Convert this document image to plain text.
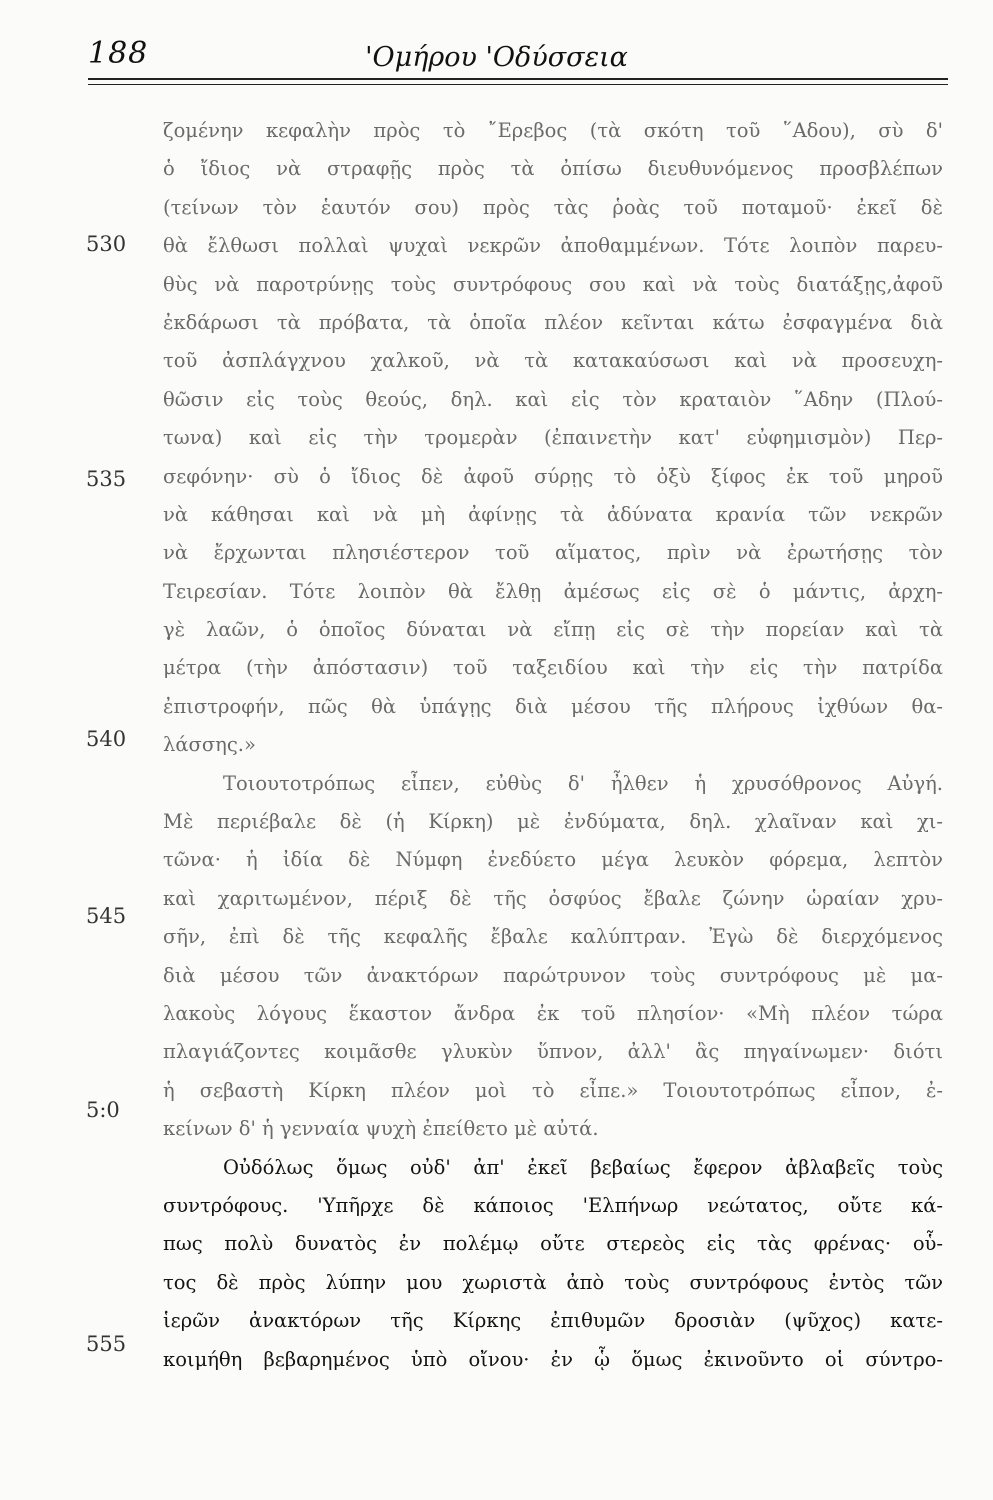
188	'Ομήρου 'Οδύσσεια
530
535
540
545
5:0
555
ζομένην κεφαλὴν πρὸς τὸ ῎Ερεβος (τὰ σκότη τοῦ ῞Αδου), σὺ δ'
ὁ ἴδιος νὰ στραφῇς πρὸς τὰ ὀπίσω διευθυνόμενος προσβλέπων
(τείνων τὸν ἑαυτόν σου) πρὸς τὰς ῥοὰς τοῦ ποταμοῦ· ἐκεῖ δὲ
θὰ ἔλθωσι πολλαὶ ψυχαὶ νεκρῶν ἀποθαμμένων. Τότε λοιπὸν παρευ-
θὺς νὰ παροτρύνῃς τοὺς συντρόφους σου καὶ νὰ τοὺς διατάξῃς,ἀφοῦ
ἐκδάρωσι τὰ πρόβατα, τὰ ὁποῖα πλέον κεῖνται κάτω ἐσφαγμένα διὰ
τοῦ ἀσπλάγχνου χαλκοῦ, νὰ τὰ κατακαύσωσι καὶ νὰ προσευχη-
θῶσιν εἰς τοὺς θεούς, δηλ. καὶ εἰς τὸν κραταιὸν ῞Αδην (Πλού-
τωνα) καὶ εἰς τὴν τρομερὰν (ἐπαινετὴν κατ' εὐφημισμὸν) Περ-
σεφόνην· σὺ ὁ ἴδιος δὲ ἀφοῦ σύρῃς τὸ ὀξὺ ξίφος ἐκ τοῦ μηροῦ
νὰ κάθησαι καὶ νὰ μὴ ἀφίνῃς τὰ ἀδύνατα κρανία τῶν νεκρῶν
νὰ ἔρχωνται πλησιέστερον τοῦ αἵματος, πρὶν νὰ ἐρωτήσῃς τὸν
Τειρεσίαν. Τότε λοιπὸν θὰ ἔλθῃ ἀμέσως εἰς σὲ ὁ μάντις, ἀρχη-
γὲ λαῶν, ὁ ὁποῖος δύναται νὰ εἴπῃ εἰς σὲ τὴν πορείαν καὶ τὰ
μέτρα (τὴν ἀπόστασιν) τοῦ ταξειδίου καὶ τὴν εἰς τὴν πατρίδα
ἐπιστροφήν, πῶς θὰ ὑπάγῃς διὰ μέσου τῆς πλήρους ἰχθύων θα-
λάσσης.»
Τοιουτοτρόπως εἶπεν, εὐθὺς δ' ἦλθεν ἡ χρυσόθρονος Αὐγή.
Μὲ περιέβαλε δὲ (ἡ Κίρκη) μὲ ἐνδύματα, δηλ. χλαῖναν καὶ χι-
τῶνα· ἡ ἰδία δὲ Νύμφη ἐνεδύετο μέγα λευκὸν φόρεμα, λεπτὸν
καὶ χαριτωμένον, πέριξ δὲ τῆς ὀσφύος ἔβαλε ζώνην ὡραίαν χρυ-
σῆν, ἐπὶ δὲ τῆς κεφαλῆς ἔβαλε καλύπτραν. Ἐγὼ δὲ διερχόμενος
διὰ μέσου τῶν ἀνακτόρων παρώτρυνον τοὺς συντρόφους μὲ μα-
λακοὺς λόγους ἕκαστον ἄνδρα ἐκ τοῦ πλησίον· «Μὴ πλέον τώρα
πλαγιάζοντες κοιμᾶσθε γλυκὺν ὕπνον, ἀλλ' ἂς πηγαίνωμεν· διότι
ἡ σεβαστὴ Κίρκη πλέον μοὶ τὸ εἶπε.» Τοιουτοτρόπως εἶπον, ἐ-
κείνων δ' ἡ γενναία ψυχὴ ἐπείθετο μὲ αὐτά.
Οὐδόλως ὅμως οὐδ' ἀπ' ἐκεῖ βεβαίως ἔφερον ἀβλαβεῖς τοὺς
συντρόφους. 'Υπῆρχε δὲ κάποιος 'Ελπήνωρ νεώτατος, οὔτε κά-
πως πολὺ δυνατὸς ἐν πολέμῳ οὔτε στερεὸς εἰς τὰς φρένας· οὗ-
τος δὲ πρὸς λύπην μου χωριστὰ ἀπὸ τοὺς συντρόφους ἐντὸς τῶν
ἱερῶν ἀνακτόρων τῆς Κίρκης ἐπιθυμῶν δροσιὰν (ψῦχος) κατε-
κοιμήθη βεβαρημένος ὑπὸ οἴνου· ἐν ᾧ ὅμως ἐκινοῦντο οἱ σύντρο-
